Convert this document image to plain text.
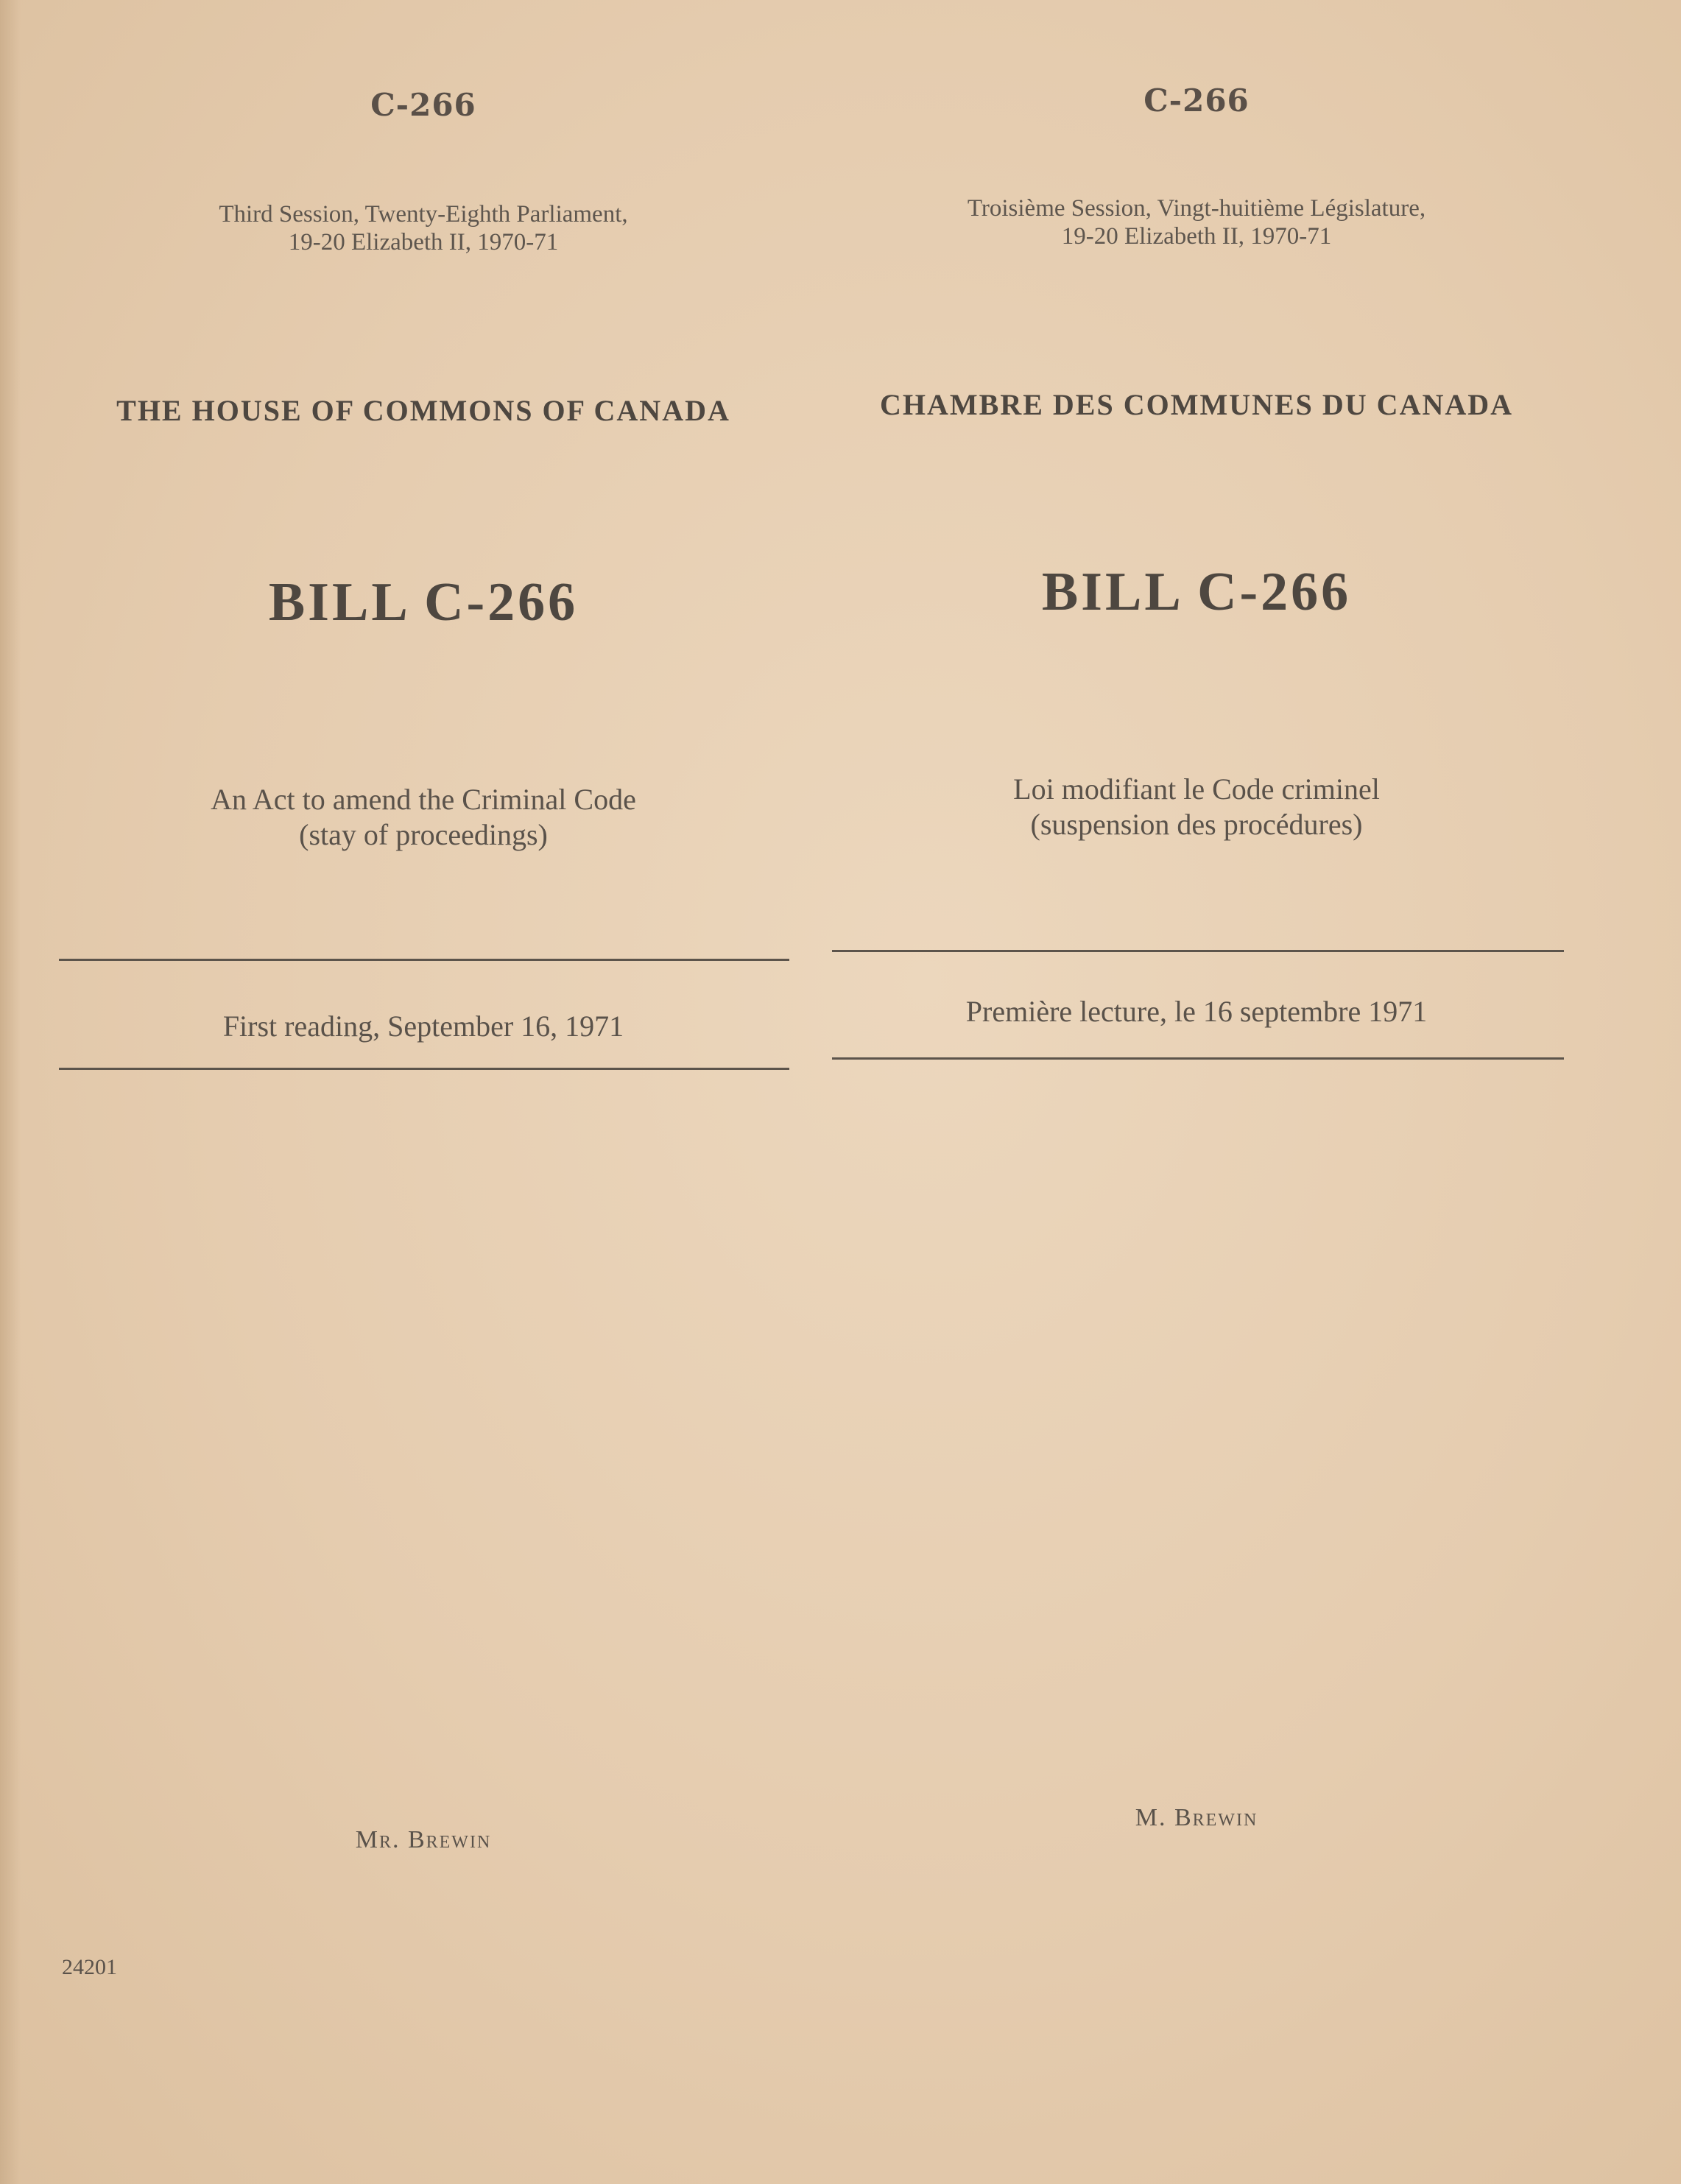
C-266
Third Session, Twenty-Eighth Parliament,
19-20 Elizabeth II, 1970-71
THE HOUSE OF COMMONS OF CANADA
BILL C-266
An Act to amend the Criminal Code
(stay of proceedings)
First reading, September 16, 1971
Mr. Brewin
C-266
Troisième Session, Vingt-huitième Législature,
19-20 Elizabeth II, 1970-71
CHAMBRE DES COMMUNES DU CANADA
BILL C-266
Loi modifiant le Code criminel
(suspension des procédures)
Première lecture, le 16 septembre 1971
M. Brewin
24201
